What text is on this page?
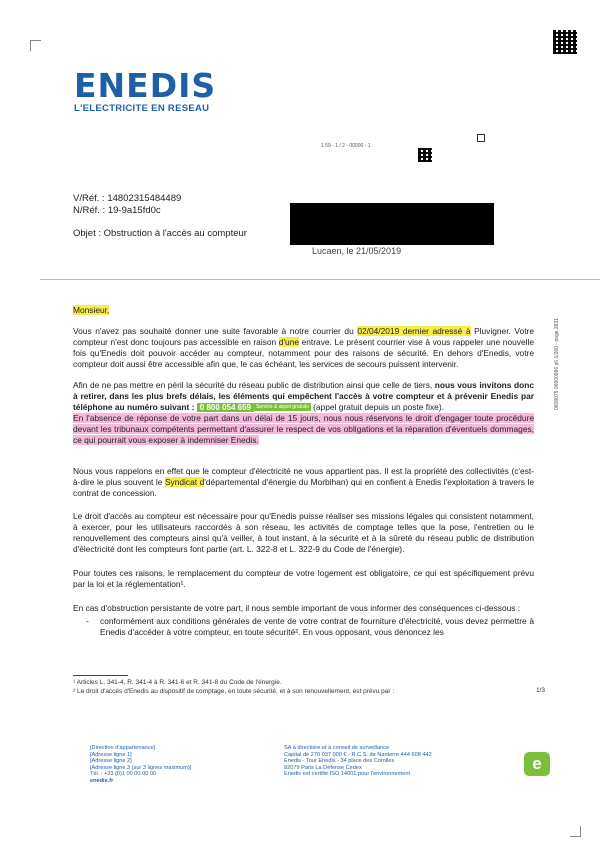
ENEDIS
L'ELECTRICITE EN RESEAU
1 59 - 1 / 2 - 00000 - 1
V/Réf. : 14802315484489
N/Réf. : 19-9a15fd0c
Objet : Obstruction à l'accès au compteur
Lucaen, le 21/05/2019
Monsieur,
Vous n'avez pas souhaité donner une suite favorable à notre courrier du 02/04/2019 dernier adressé à Pluvigner. Votre compteur n'est donc toujours pas accessible en raison d'une entrave. Le présent courrier vise à vous rappeler une nouvelle fois qu'Enedis doit pouvoir accéder au compteur, notamment pour des raisons de sécurité. En dehors d'Enedis, votre compteur doit aussi être accessible afin que, le cas échéant, les services de secours puissent intervenir.
Afin de ne pas mettre en péril la sécurité du réseau public de distribution ainsi que celle de tiers, nous vous invitons donc à retirer, dans les plus brefs délais, les éléments qui empêchent l'accès à votre compteur et à prévenir Enedis par téléphone au numéro suivant : 0 800 054 659 Service & appel gratuits (appel gratuit depuis un poste fixe).
En l'absence de réponse de votre part dans un délai de 15 jours, nous nous réservons le droit d'engager toute procédure devant les tribunaux compétents permettant d'assurer le respect de vos obligations et la réparation d'éventuels dommages, ce qui pourrait vous exposer à indemniser Enedis.
Nous vous rappelons en effet que le compteur d'électricité ne vous appartient pas. Il est la propriété des collectivités (c'est-à-dire le plus souvent le Syndicat d'départemental d'énergie du Morbihan) qui en confient à Enedis l'exploitation à travers le contrat de concession.
Le droit d'accès au compteur est nécessaire pour qu'Enedis puisse réaliser ses missions légales qui consistent notamment, à exercer, pour les utilisateurs raccordés à son réseau, les activités de comptage telles que la pose, l'entretien ou le renouvellement des compteurs ainsi qu'à veiller, à tout instant, à la sécurité et à la sûreté du réseau public de distribution d'électricité dont les compteurs font partie (art. L. 322-8 et L. 322-9 du Code de l'énergie).
Pour toutes ces raisons, le remplacement du compteur de votre logement est obligatoire, ce qui est spécifiquement prévu par la loi et la réglementation¹.
En cas d'obstruction persistante de votre part, il nous semble important de vous informer des conséquences ci-dessous :
- conformément aux conditions générales de vente de votre contrat de fourniture d'électricité, vous devez permettre à Enedis d'accéder à votre compteur, en toute sécurité². En vous opposant, vous dénoncez les
0608075 06800986 p6 1/260 - page 3831
¹ Articles L. 341-4, R. 341-4 à R. 341-6 et R. 341-8 du Code de l'énergie.
² Le droit d'accès d'Enedis au dispositif de comptage, en toute sécurité, et à son renouvellement, est prévu par :	1/3
[Direction d'appartenance]
[Adresse ligne 1]
[Adresse ligne 2]
[Adresse ligne 3 (sur 3 lignes maximum)]
Tél. : +33 (0)1 00 00 00 00
enedis.fr
SA à directoire et à conseil de surveillance
Capital de 270 037 000 € - R.C.S. de Nanterre 444 608 442
Enedis - Tour Enedis - 34 place des Corolles
92079 Paris La Défense Cedex
Enedis est certifié ISO 14001 pour l'environnement
e
